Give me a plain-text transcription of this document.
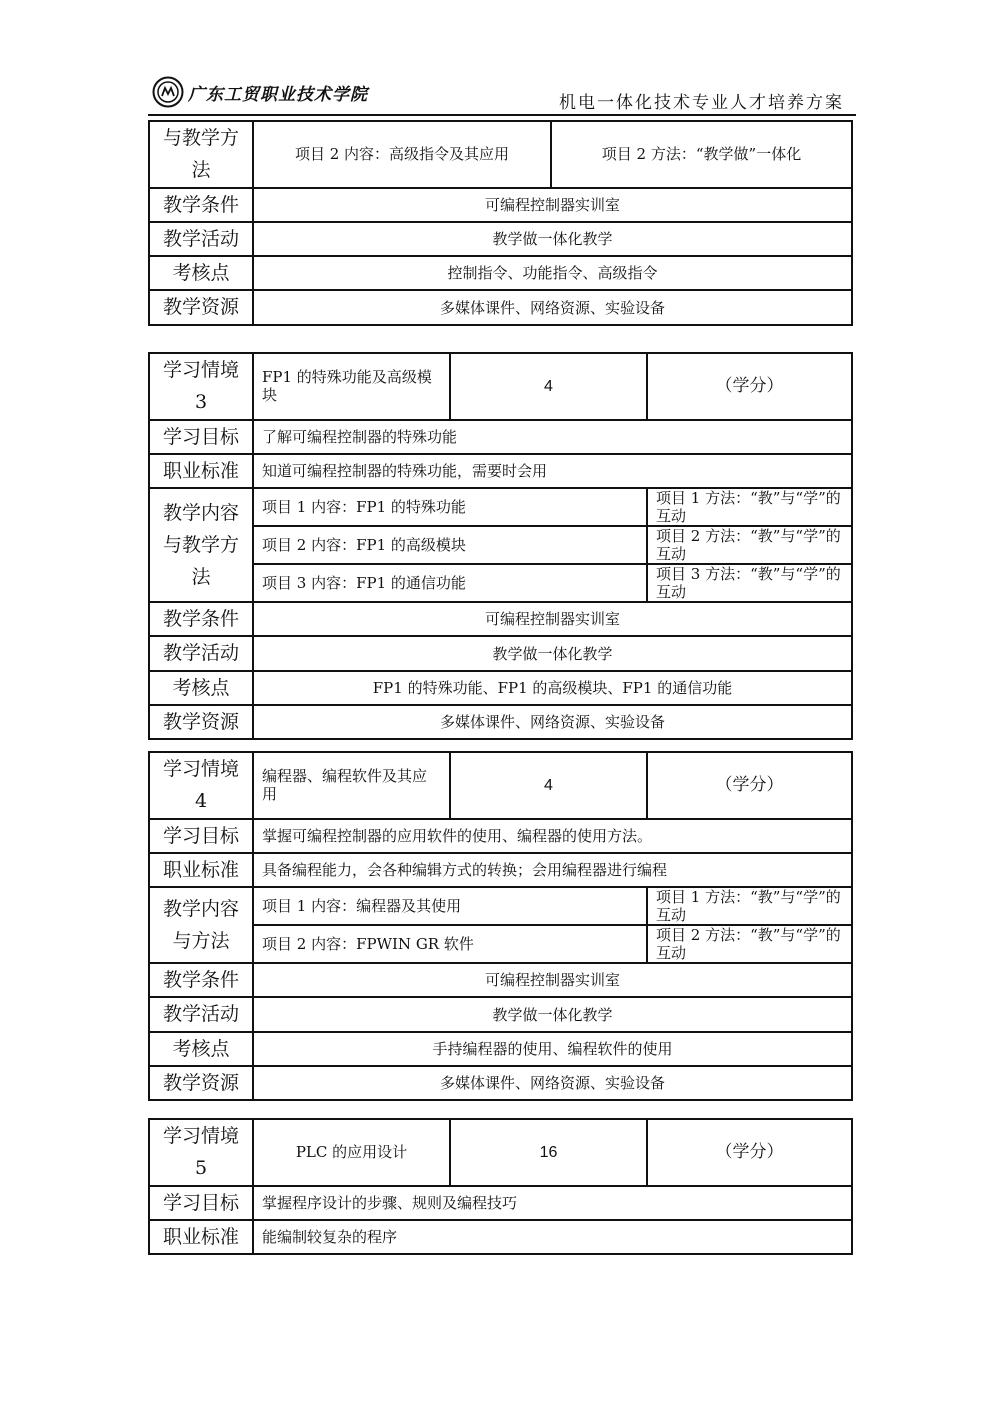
广东工贸职业技术学院	机电一体化技术专业人才培养方案
与教学方法	项目 2 内容：高级指令及其应用	项目 2 方法：“教学做”一体化
教学条件	可编程控制器实训室	
教学活动	教学做一体化教学	
考核点	控制指令、功能指令、高级指令	
教学资源	多媒体课件、网络资源、实验设备	
学习情境 3	FP1 的特殊功能及高级模块	4	（学分）
学习目标	了解可编程控制器的特殊功能		
职业标准	知道可编程控制器的特殊功能，需要时会用		
教学内容与教学方法	项目 1 内容：FP1 的特殊功能		项目 1 方法：“教”与“学”的互动
	项目 2 内容：FP1 的高级模块		项目 2 方法：“教”与“学”的互动
	项目 3 内容：FP1 的通信功能		项目 3 方法：“教”与“学”的互动
教学条件	可编程控制器实训室		
教学活动	教学做一体化教学		
考核点	FP1 的特殊功能、FP1 的高级模块、FP1 的通信功能		
教学资源	多媒体课件、网络资源、实验设备		
学习情境 4	编程器、编程软件及其应用	4	（学分）
学习目标	掌握可编程控制器的应用软件的使用、编程器的使用方法。		
职业标准	具备编程能力，会各种编辑方式的转换；会用编程器进行编程		
教学内容与方法	项目 1 内容：编程器及其使用		项目 1 方法：“教”与“学”的互动
	项目 2 内容：FPWIN GR 软件		项目 2 方法：“教”与“学”的互动
教学条件	可编程控制器实训室		
教学活动	教学做一体化教学		
考核点	手持编程器的使用、编程软件的使用		
教学资源	多媒体课件、网络资源、实验设备		
学习情境 5	PLC 的应用设计	16	（学分）
学习目标	掌握程序设计的步骤、规则及编程技巧		
职业标准	能编制较复杂的程序		
